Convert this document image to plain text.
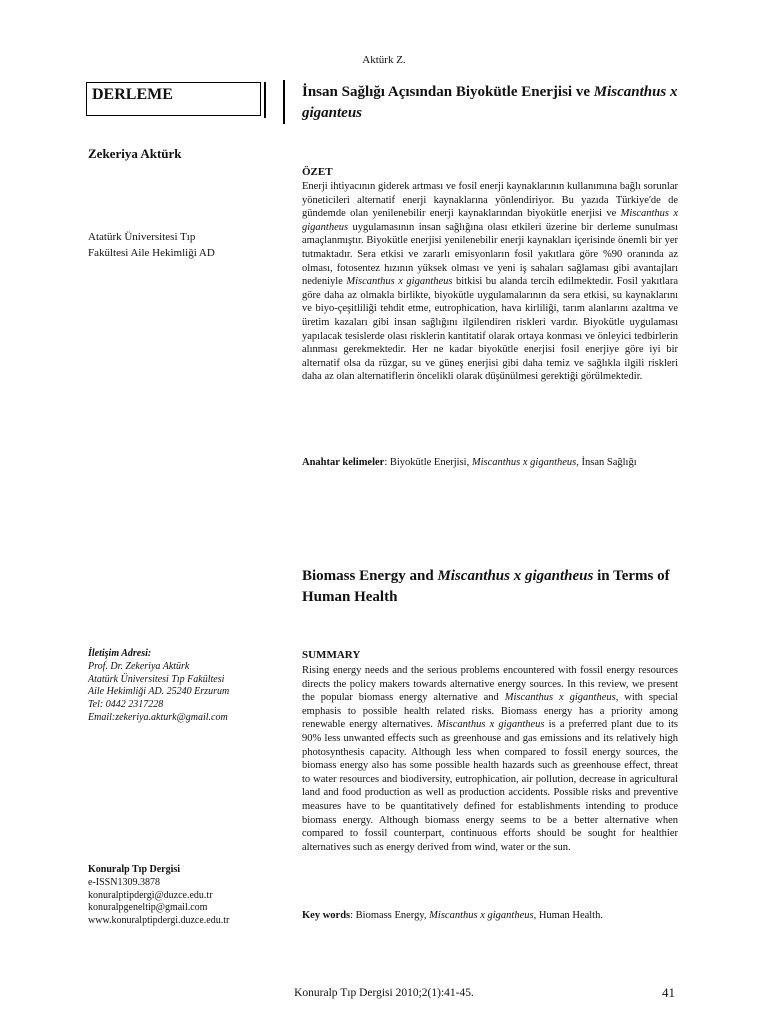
Aktürk Z.
DERLEME	İnsan Sağlığı Açısından Biyokütle Enerjisi ve Miscanthus x giganteus
Zekeriya Aktürk
Atatürk Üniversitesi Tıp
Fakültesi Aile Hekimliği AD
ÖZET
Enerji ihtiyacının giderek artması ve fosil enerji kaynaklarının kullanımına bağlı sorunlar yöneticileri alternatif enerji kaynaklarına yönlendiriyor. Bu yazıda Türkiye'de de gündemde olan yenilenebilir enerji kaynaklarından biyokütle enerjisi ve Miscanthus x gigantheus uygulamasının insan sağlığına olası etkileri üzerine bir derleme sunulması amaçlanmıştır. Biyokütle enerjisi yenilenebilir enerji kaynakları içerisinde önemli bir yer tutmaktadır. Sera etkisi ve zararlı emisyonların fosil yakıtlara göre %90 oranında az olması, fotosentez hızının yüksek olması ve yeni iş sahaları sağlaması gibi avantajları nedeniyle Miscanthus x gigantheus bitkisi bu alanda tercih edilmektedir. Fosil yakıtlara göre daha az olmakla birlikte, biyokütle uygulamalarının da sera etkisi, su kaynaklarını ve biyo-çeşitliliği tehdit etme, eutrophication, hava kirliliği, tarım alanlarını azaltma ve üretim kazaları gibi insan sağlığını ilgilendiren riskleri vardır. Biyokütle uygulaması yapılacak tesislerde olası risklerin kantitatif olarak ortaya konması ve önleyici tedbirlerin alınması gerekmektedir. Her ne kadar biyokütle enerjisi fosil enerjiye göre iyi bir alternatif olsa da rüzgar, su ve güneş enerjisi gibi daha temiz ve sağlıkla ilgili riskleri daha az olan alternatiflerin öncelikli olarak düşünülmesi gerektiği görülmektedir.
Anahtar kelimeler: Biyokütle Enerjisi, Miscanthus x gigantheus, İnsan Sağlığı
Biomass Energy and Miscanthus x gigantheus in Terms of Human Health
SUMMARY
Rising energy needs and the serious problems encountered with fossil energy resources directs the policy makers towards alternative energy sources. In this review, we present the popular biomass energy alternative and Miscanthus x gigantheus, with special emphasis to possible health related risks. Biomass energy has a priority among renewable energy alternatives. Miscanthus x gigantheus is a preferred plant due to its 90% less unwanted effects such as greenhouse and gas emissions and its relatively high photosynthesis capacity. Although less when compared to fossil energy sources, the biomass energy also has some possible health hazards such as greenhouse effect, threat to water resources and biodiversity, eutrophication, air pollution, decrease in agricultural land and food production as well as production accidents. Possible risks and preventive measures have to be quantitatively defined for establishments intending to produce biomass energy. Although biomass energy seems to be a better alternative when compared to fossil counterpart, continuous efforts should be sought for healthier alternatives such as energy derived from wind, water or the sun.
Key words: Biomass Energy, Miscanthus x gigantheus, Human Health.
İletişim Adresi:
Prof. Dr. Zekeriya Aktürk
Atatürk Üniversitesi Tıp Fakültesi
Aile Hekimliği AD. 25240 Erzurum
Tel: 0442 2317228
Email:zekeriya.akturk@gmail.com
Konuralp Tıp Dergisi
e-ISSN1309.3878
konuralptipdergi@duzce.edu.tr
konuralpgeneltip@gmail.com
www.konuralptipdergi.duzce.edu.tr
Konuralp Tıp Dergisi 2010;2(1):41-45.	41
